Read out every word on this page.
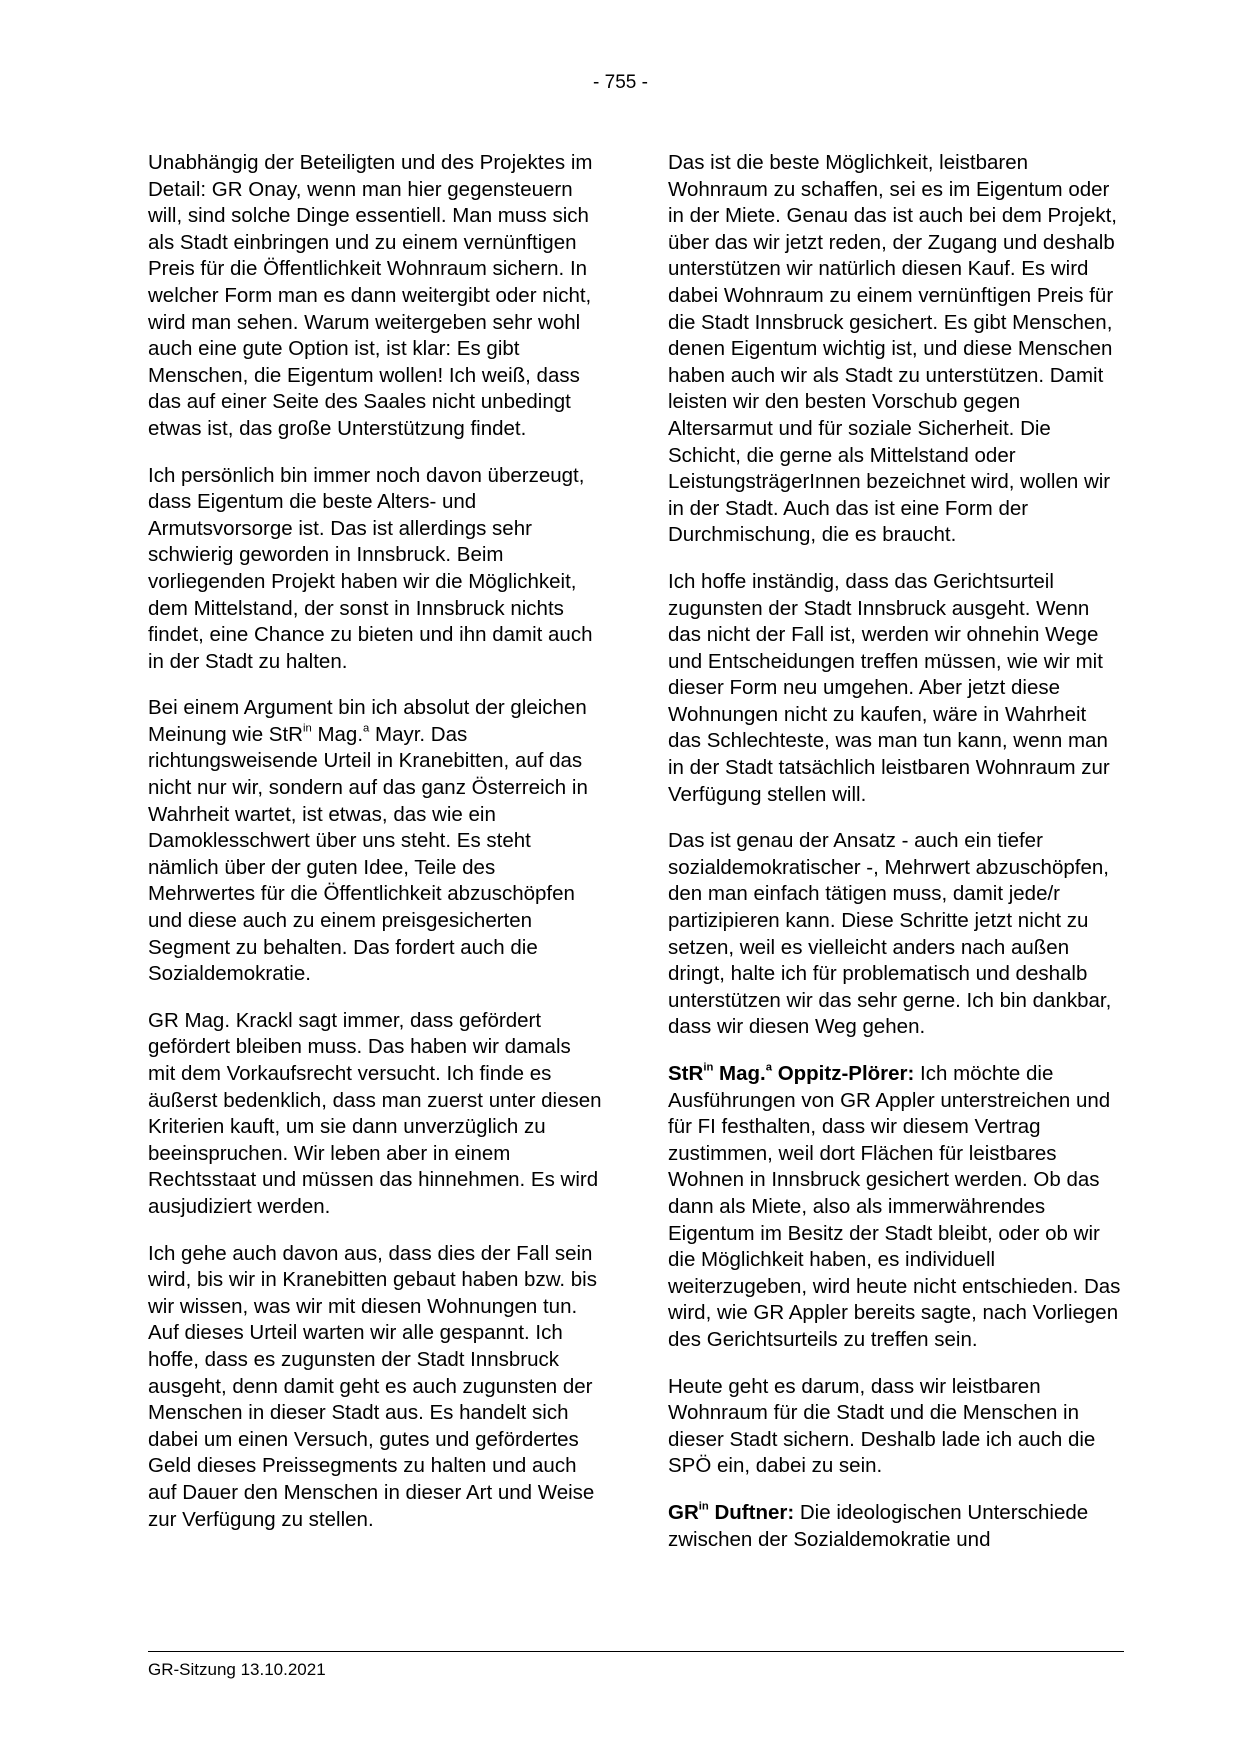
- 755 -

Unabhängig der Beteiligten und des Projektes im Detail: GR Onay, wenn man hier gegensteuern will, sind solche Dinge essentiell. Man muss sich als Stadt einbringen und zu einem vernünftigen Preis für die Öffentlichkeit Wohnraum sichern. In welcher Form man es dann weitergibt oder nicht, wird man sehen. Warum weitergeben sehr wohl auch eine gute Option ist, ist klar: Es gibt Menschen, die Eigentum wollen! Ich weiß, dass das auf einer Seite des Saales nicht unbedingt etwas ist, das große Unterstützung findet.

Ich persönlich bin immer noch davon überzeugt, dass Eigentum die beste Alters- und Armutsvorsorge ist. Das ist allerdings sehr schwierig geworden in Innsbruck. Beim vorliegenden Projekt haben wir die Möglichkeit, dem Mittelstand, der sonst in Innsbruck nichts findet, eine Chance zu bieten und ihn damit auch in der Stadt zu halten.

Bei einem Argument bin ich absolut der gleichen Meinung wie StR$^{in}$ Mag.$^a$ Mayr. Das richtungsweisende Urteil in Kranebitten, auf das nicht nur wir, sondern auf das ganz Österreich in Wahrheit wartet, ist etwas, das wie ein Damoklesschwert über uns steht. Es steht nämlich über der guten Idee, Teile des Mehrwertes für die Öffentlichkeit abzuschöpfen und diese auch zu einem preisgesicherten Segment zu behalten. Das fordert auch die Sozialdemokratie.

GR Mag. Krackl sagt immer, dass gefördert gefördert bleiben muss. Das haben wir damals mit dem Vorkaufsrecht versucht. Ich finde es äußerst bedenklich, dass man zuerst unter diesen Kriterien kauft, um sie dann unverzüglich zu beeinspruchen. Wir leben aber in einem Rechtsstaat und müssen das hinnehmen. Es wird ausjudiziert werden.

Ich gehe auch davon aus, dass dies der Fall sein wird, bis wir in Kranebitten gebaut haben bzw. bis wir wissen, was wir mit diesen Wohnungen tun. Auf dieses Urteil warten wir alle gespannt. Ich hoffe, dass es zugunsten der Stadt Innsbruck ausgeht, denn damit geht es auch zugunsten der Menschen in dieser Stadt aus. Es handelt sich dabei um einen Versuch, gutes und gefördertes Geld dieses Preissegments zu halten und auch auf Dauer den Menschen in dieser Art und Weise zur Verfügung zu stellen.

Das ist die beste Möglichkeit, leistbaren Wohnraum zu schaffen, sei es im Eigentum oder in der Miete. Genau das ist auch bei dem Projekt, über das wir jetzt reden, der Zugang und deshalb unterstützen wir natürlich diesen Kauf. Es wird dabei Wohnraum zu einem vernünftigen Preis für die Stadt Innsbruck gesichert. Es gibt Menschen, denen Eigentum wichtig ist, und diese Menschen haben auch wir als Stadt zu unterstützen. Damit leisten wir den besten Vorschub gegen Altersarmut und für soziale Sicherheit. Die Schicht, die gerne als Mittelstand oder LeistungsträgerInnen bezeichnet wird, wollen wir in der Stadt. Auch das ist eine Form der Durchmischung, die es braucht.

Ich hoffe inständig, dass das Gerichtsurteil zugunsten der Stadt Innsbruck ausgeht. Wenn das nicht der Fall ist, werden wir ohnehin Wege und Entscheidungen treffen müssen, wie wir mit dieser Form neu umgehen. Aber jetzt diese Wohnungen nicht zu kaufen, wäre in Wahrheit das Schlechteste, was man tun kann, wenn man in der Stadt tatsächlich leistbaren Wohnraum zur Verfügung stellen will.

Das ist genau der Ansatz - auch ein tiefer sozialdemokratischer -, Mehrwert abzuschöpfen, den man einfach tätigen muss, damit jede/r partizipieren kann. Diese Schritte jetzt nicht zu setzen, weil es vielleicht anders nach außen dringt, halte ich für problematisch und deshalb unterstützen wir das sehr gerne. Ich bin dankbar, dass wir diesen Weg gehen.

StR$^{in}$ Mag.$^a$ Oppitz-Plörer: Ich möchte die Ausführungen von GR Appler unterstreichen und für FI festhalten, dass wir diesem Vertrag zustimmen, weil dort Flächen für leistbares Wohnen in Innsbruck gesichert werden. Ob das dann als Miete, also als immerwährendes Eigentum im Besitz der Stadt bleibt, oder ob wir die Möglichkeit haben, es individuell weiterzugeben, wird heute nicht entschieden. Das wird, wie GR Appler bereits sagte, nach Vorliegen des Gerichtsurteils zu treffen sein.

Heute geht es darum, dass wir leistbaren Wohnraum für die Stadt und die Menschen in dieser Stadt sichern. Deshalb lade ich auch die SPÖ ein, dabei zu sein.

$GR^{in}$ Duftner: Die ideologischen Unterschiede zwischen der Sozialdemokratie und

GR-Sitzung 13.10.2021
